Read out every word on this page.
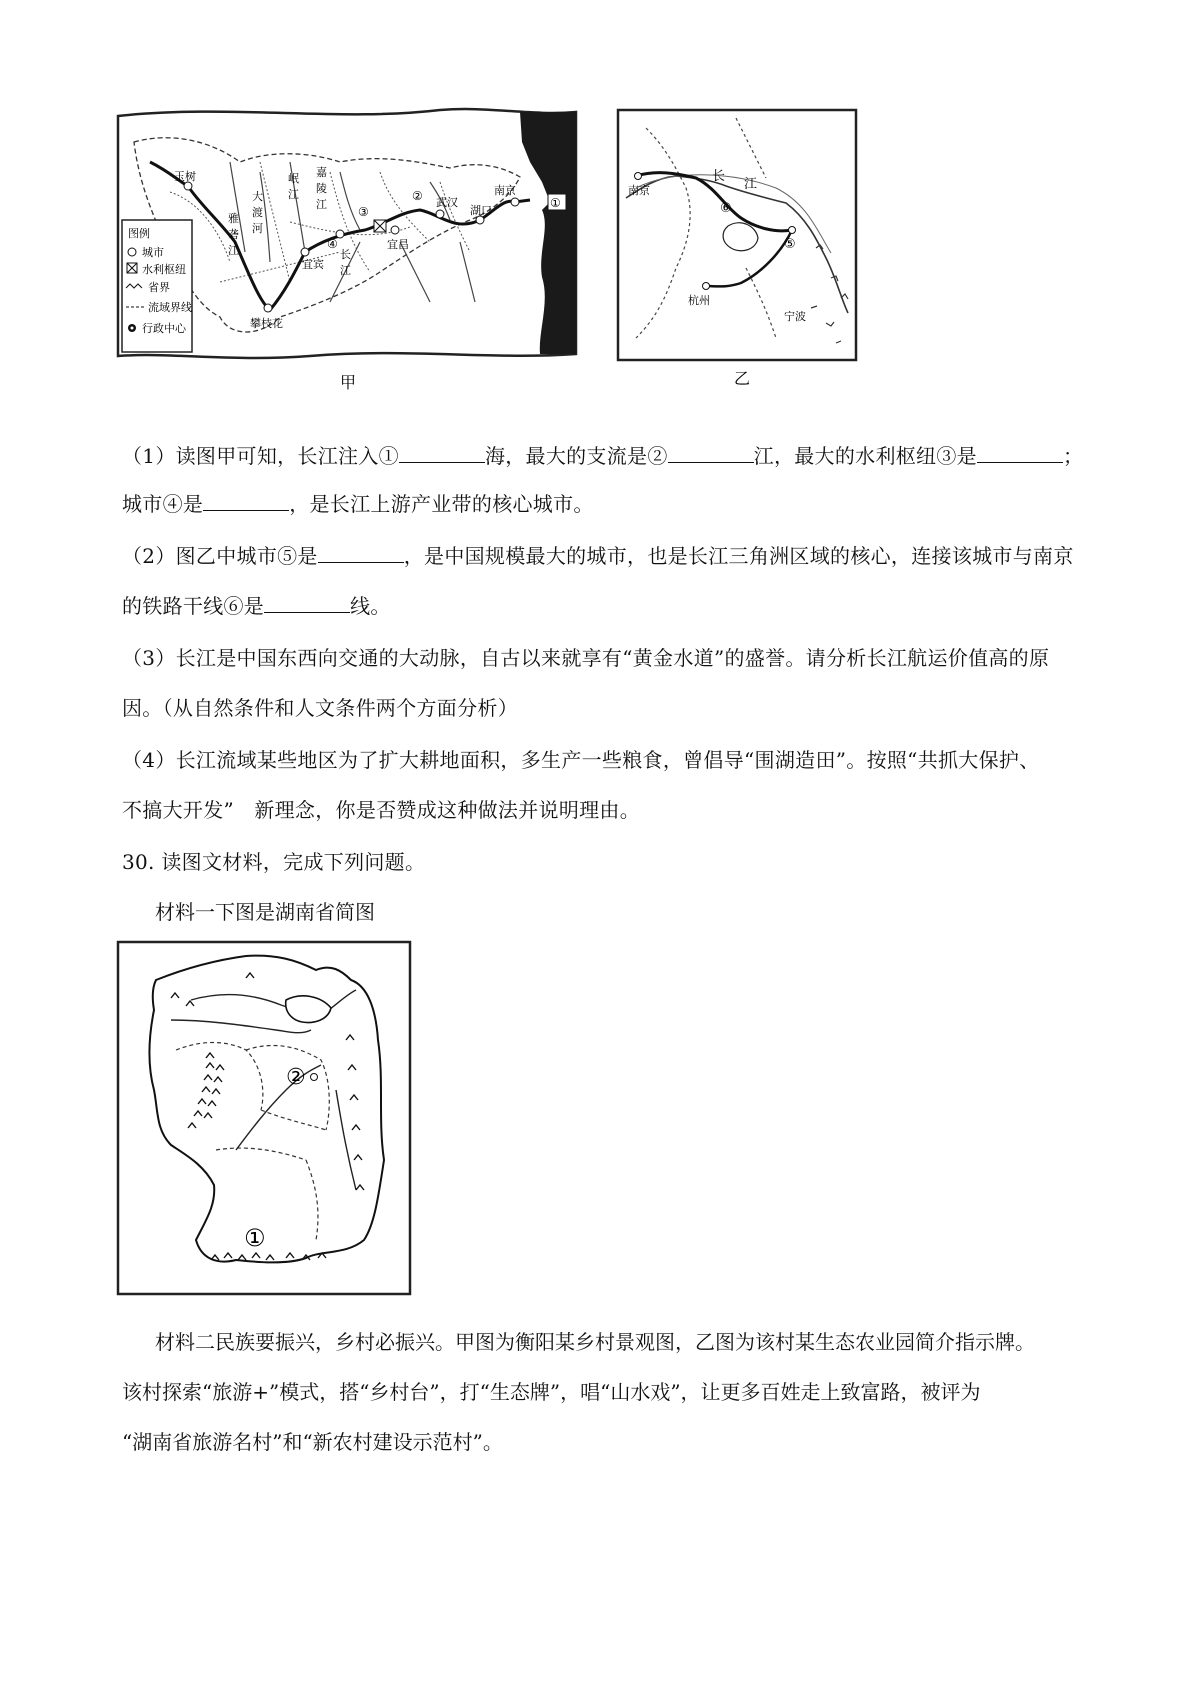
图例
城市
水利枢纽
省界
流域界线
行政中心
玉树
攀枝花
宜宾
④
③
宜昌
② 武汉
湖口
南京
①
雅
砻
江
大
渡
河
岷
江
嘉
陵
江
江
长
甲
南京
长
江
⑤
⑥
杭州
宁波
乙
（1）读图甲可知，长江注入①	海，最大的支流是②	江，最大的水利枢纽③是	；
城市④是	，是长江上游产业带的核心城市。
（2）图乙中城市⑤是	，是中国规模最大的城市，也是长江三角洲区域的核心，连接该城市与南京
的铁路干线⑥是	线。
（3）长江是中国东西向交通的大动脉，自古以来就享有“黄金水道”的盛誉。请分析长江航运价值高的原
因。（从自然条件和人文条件两个方面分析）
（4）长江流域某些地区为了扩大耕地面积，多生产一些粮食，曾倡导“围湖造田”。按照“共抓大保护、
不搞大开发”　新理念，你是否赞成这种做法并说明理由。
30. 读图文材料，完成下列问题。
材料一下图是湖南省简图
②
①
材料二民族要振兴，乡村必振兴。甲图为衡阳某乡村景观图，乙图为该村某生态农业园简介指示牌。
该村探索“旅游+”模式，搭“乡村台”，打“生态牌”，唱“山水戏”，让更多百姓走上致富路，被评为
“湖南省旅游名村”和“新农村建设示范村”。
